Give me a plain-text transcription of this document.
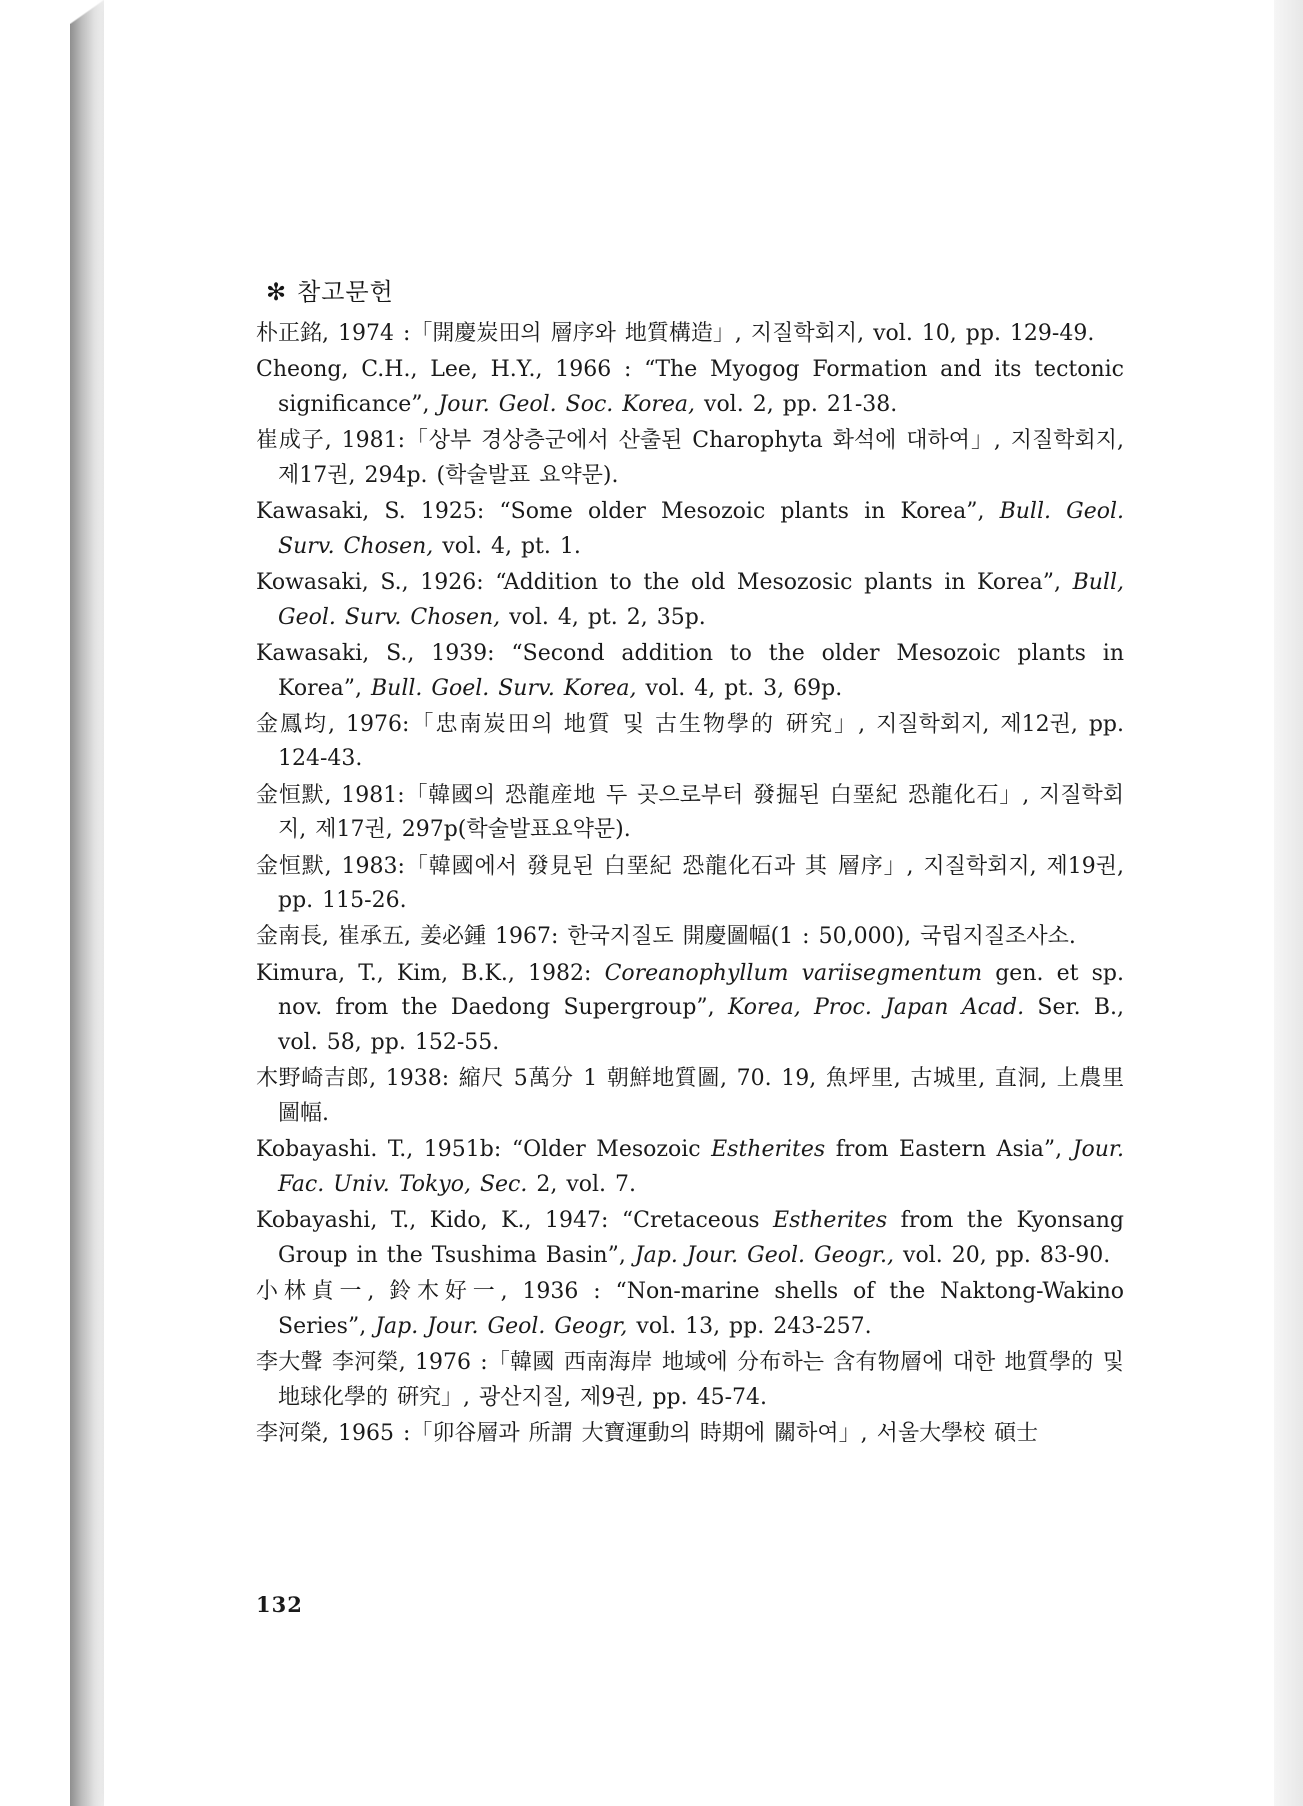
✻ 참고문헌
朴正銘, 1974 :「開慶炭田의 層序와 地質構造」, 지질학회지, vol. 10, pp. 129-49.
Cheong, C.H., Lee, H.Y., 1966 : “The Myogog Formation and its tectonic significance”, Jour. Geol. Soc. Korea, vol. 2, pp. 21-38.
崔成子, 1981:「상부 경상층군에서 산출된 Charophyta 화석에 대하여」, 지질학회지, 제17권, 294p. (학술발표 요약문).
Kawasaki, S. 1925: “Some older Mesozoic plants in Korea”, Bull. Geol. Surv. Chosen, vol. 4, pt. 1.
Kowasaki, S., 1926: “Addition to the old Mesozosic plants in Korea”, Bull, Geol. Surv. Chosen, vol. 4, pt. 2, 35p.
Kawasaki, S., 1939: “Second addition to the older Mesozoic plants in Korea”, Bull. Goel. Surv. Korea, vol. 4, pt. 3, 69p.
金鳳均, 1976:「忠南炭田의 地質 및 古生物學的 硏究」, 지질학회지, 제12권, pp. 124-43.
金恒默, 1981:「韓國의 恐龍産地 두 곳으로부터 發掘된 白堊紀 恐龍化石」, 지질학회지, 제17권, 297p(학술발표요약문).
金恒默, 1983:「韓國에서 發見된 白堊紀 恐龍化石과 其 層序」, 지질학회지, 제19권, pp. 115-26.
金南長, 崔承五, 姜必鍾 1967: 한국지질도 開慶圖幅(1 : 50,000), 국립지질조사소.
Kimura, T., Kim, B.K., 1982: Coreanophyllum variisegmentum gen. et sp. nov. from the Daedong Supergroup”, Korea, Proc. Japan Acad. Ser. B., vol. 58, pp. 152-55.
木野崎吉郎, 1938: 縮尺 5萬分 1 朝鮮地質圖, 70. 19, 魚坪里, 古城里, 直洞, 上農里 圖幅.
Kobayashi. T., 1951b: “Older Mesozoic Estherites from Eastern Asia”, Jour. Fac. Univ. Tokyo, Sec. 2, vol. 7.
Kobayashi, T., Kido, K., 1947: “Cretaceous Estherites from the Kyonsang Group in the Tsushima Basin”, Jap. Jour. Geol. Geogr., vol. 20, pp. 83-90.
小林貞一, 鈴木好一, 1936 : “Non-marine shells of the Naktong-Wakino Series”, Jap. Jour. Geol. Geogr, vol. 13, pp. 243-257.
李大聲 李河榮, 1976 :「韓國 西南海岸 地域에 分布하는 含有物層에 대한 地質學的 및 地球化學的 硏究」, 광산지질, 제9권, pp. 45-74.
李河榮, 1965 :「卯谷層과 所謂 大寶運動의 時期에 關하여」, 서울大學校 碩士
132
